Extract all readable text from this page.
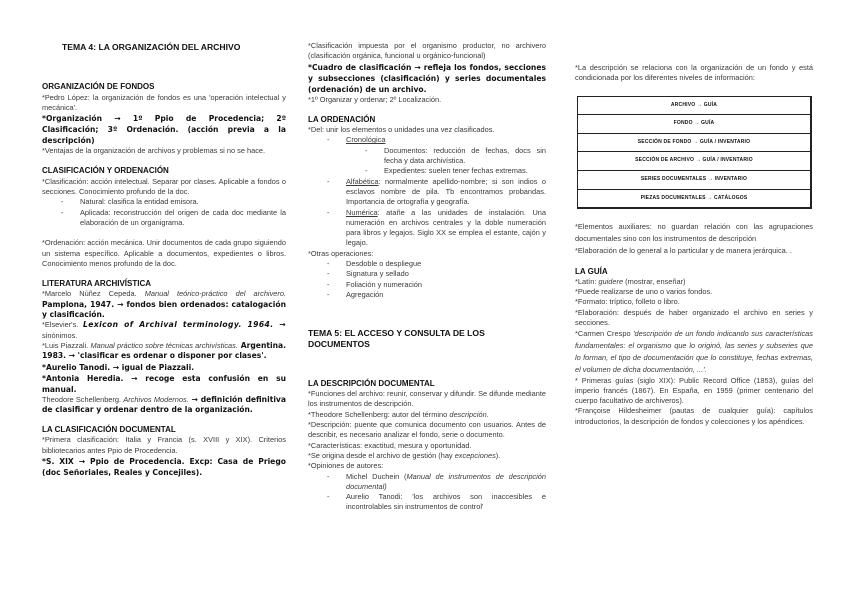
TEMA 4: LA ORGANIZACIÓN DEL ARCHIVO
ORGANIZACIÓN DE FONDOS
*Pedro López: la organización de fondos es una 'operación intelectual y mecánica'.
*Organización → 1º Ppio de Procedencia; 2º Clasificación; 3º Ordenación. (acción previa a la descripción)
*Ventajas de la organización de archivos y problemas si no se hace.
CLASIFICACIÓN Y ORDENACIÓN
*Clasificación: acción intelectual. Separar por clases. Aplicable a fondos o secciones. Conocimiento profundo de la doc.
- Natural: clasifica la entidad emisora.
- Aplicada: reconstrucción del origen de cada doc mediante la elaboración de un organigrama.
*Ordenación: acción mecánica. Unir documentos de cada grupo siguiendo un sistema específico. Aplicable a documentos, expedientes o libros. Conocimiento menos profundo de la doc.
LITERATURA ARCHIVÍSTICA
*Marcelo Núñez Cepeda. Manual teórico-práctico del archivero. Pamplona, 1947. → fondos bien ordenados: catalogación y clasificación.
*Elsevier's. Lexicon of Archival terminology. 1964. → sinónimos.
*Luis Piazzali. Manual práctico sobre técnicas archivísticas. Argentina. 1983. → 'clasificar es ordenar o disponer por clases'.
*Aurelio Tanodi. → igual de Piazzali.
*Antonia Heredia. → recoge esta confusión en su manual.
Theodore Schellenberg. Archivos Modernos. → definición definitiva de clasificar y ordenar dentro de la organización.
LA CLASIFICACIÓN DOCUMENTAL
*Primera clasificación: Italia y Francia (s. XVIII y XIX). Criterios bibliotecarios antes Ppio de Procedencia.
*S. XIX → Ppio de Procedencia. Excp: Casa de Priego (doc Señoriales, Reales y Concejiles).
*Clasificación impuesta por el organismo productor, no archivero (clasificación orgánica, funcional u orgánico-funcional)
*Cuadro de clasificación → refleja los fondos, secciones y subsecciones (clasificación) y series documentales (ordenación) de un archivo.
*1º Organizar y ordenar; 2º Localización.
LA ORDENACIÓN
*Del: unir los elementos o unidades una vez clasificados.
- Cronológica
- Documentos: reducción de fechas, docs sin fecha y data archivística.
- Expedientes: suelen tener fechas extremas.
- Alfabética: normalmente apellido-nombre; si son indios o esclavos nombre de pila. Tb encontramos probandas. Importancia de ortografía y geografía.
- Numérica: atañe a las unidades de instalación. Una numeración en archivos centrales y la doble numeración para libros y legajos. Siglo XX se emplea el estante, cajón y legajo.
*Otras operaciones:
- Desdoble o despliegue
- Signatura y sellado
- Foliación y numeración
- Agregación
TEMA 5: EL ACCESO Y CONSULTA DE LOS DOCUMENTOS
LA DESCRIPCIÓN DOCUMENTAL
*Funciones del archivo: reunir, conservar y difundir. Se difunde mediante los instrumentos de descripción.
*Theodore Schellenberg: autor del término descripción.
*Descripción: puente que comunica documento con usuarios. Antes de describir, es necesario analizar el fondo, serie o documento.
*Características: exactitud, mesura y oportunidad.
*Se origina desde el archivo de gestión (hay excepciones).
*Opiniones de autores:
- Michel Duchein (Manual de instrumentos de descripción documental)
- Aurelio Tanodi: 'los archivos son inaccesibles e incontrolables sin instrumentos de control'
*La descripción se relaciona con la organización de un fondo y está condicionada por los diferentes niveles de información:
ARCHIVO → GUÍA
FONDO → GUÍA
SECCIÓN DE FONDO → GUÍA / INVENTARIO
SECCIÓN DE ARCHIVO → GUÍA / INVENTARIO
SERIES DOCUMENTALES → INVENTARIO
PIEZAS DOCUMENTALES → CATÁLOGOS
*Elementos auxiliares: no guardan relación con las agrupaciones documentales sino con los instrumentos de descripción
*Elaboración de lo general a lo particular y de manera jerárquica. .
LA GUÍA
*Latín: guidere (mostrar, enseñar)
*Puede realizarse de uno o varios fondos.
*Formato: tríptico, folleto o libro.
*Elaboración: después de haber organizado el archivo en series y secciones.
*Carmen Crespo 'descripción de un fondo indicando sus características fundamentales: el organismo que lo originó, las series y subseries que lo forman, el tipo de documentación que lo constituye, fechas extremas, el volumen de dicha documentación, ...'.
* Primeras guías (siglo XIX): Public Record Office (1853), guías del imperio francés (1867). En España, en 1959 (primer centenario del cuerpo facultativo de archiveros).
*Françoise Hildesheimer (pautas de cualquier guía): capítulos introductorios, la descripción de fondos y colecciones y los apéndices.
